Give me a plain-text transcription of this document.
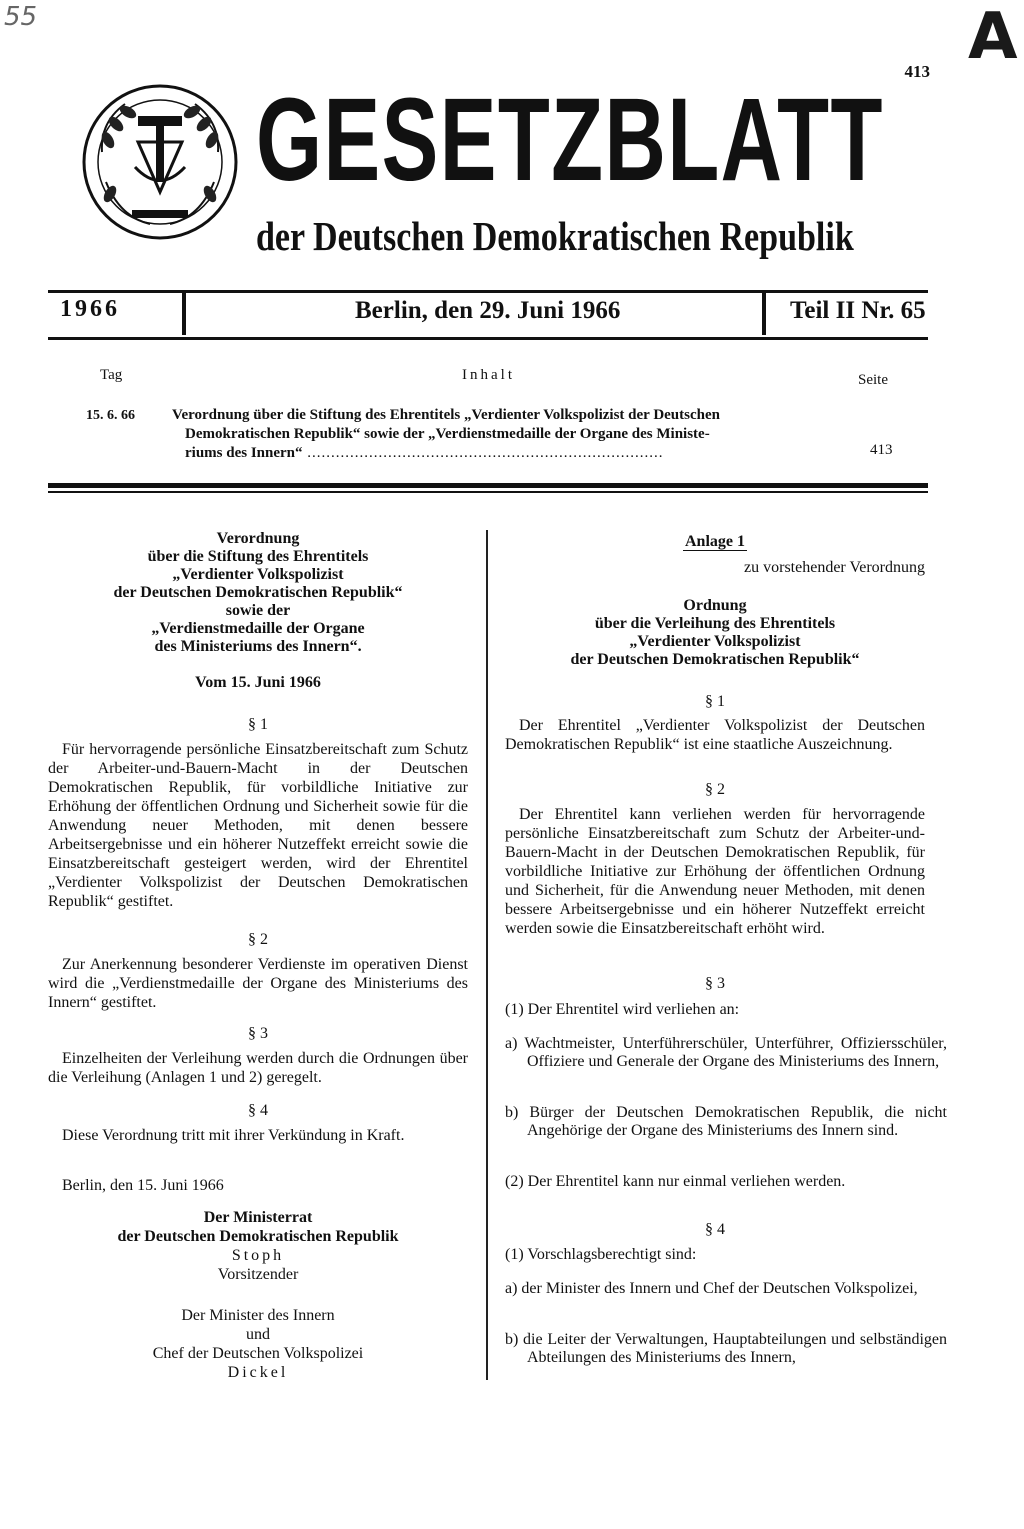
55	A
413
GESETZBLATT
der Deutschen Demokratischen Republik
1966	Berlin, den 29. Juni 1966	Teil II Nr. 65
Tag	Inhalt	Seite
15. 6. 66 Verordnung über die Stiftung des Ehrentitels „Verdienter Volkspolizist der Deutschen
Demokratischen Republik“ sowie der „Verdienstmedaille der Organe des Ministe-
riums des Innern“ ...........................................................................	413
Verordnung
über die Stiftung des Ehrentitels
„Verdienter Volkspolizist
der Deutschen Demokratischen Republik“
sowie der
„Verdienstmedaille der Organe
des Ministeriums des Innern“.
Vom 15. Juni 1966
§ 1

Für hervorragende persönliche Einsatzbereitschaft zum Schutz der Arbeiter-und-Bauern-Macht in der Deutschen Demokratischen Republik, für vorbildliche Initiative zur Erhöhung der öffentlichen Ordnung und Sicherheit sowie für die Anwendung neuer Methoden, mit denen bessere Arbeitsergebnisse und ein höherer Nutzeffekt erreicht sowie die Einsatzbereitschaft gesteigert werden, wird der Ehrentitel „Verdienter Volkspolizist der Deutschen Demokratischen Republik“ gestiftet.

§ 2

Zur Anerkennung besonderer Verdienste im operativen Dienst wird die „Verdienstmedaille der Organe des Ministeriums des Innern“ gestiftet.

§ 3

Einzelheiten der Verleihung werden durch die Ordnungen über die Verleihung (Anlagen 1 und 2) geregelt.

§ 4

Diese Verordnung tritt mit ihrer Verkündung in Kraft.

Berlin, den 15. Juni 1966
Der Ministerrat
der Deutschen Demokratischen Republik
Stoph
Vorsitzender
Der Minister des Innern
und
Chef der Deutschen Volkspolizei
Dickel
Anlage 1
zu vorstehender Verordnung
Ordnung
über die Verleihung des Ehrentitels
„Verdienter Volkspolizist
der Deutschen Demokratischen Republik“
§ 1

Der Ehrentitel „Verdienter Volkspolizist der Deutschen Demokratischen Republik“ ist eine staatliche Auszeichnung.

§ 2

Der Ehrentitel kann verliehen werden für hervorragende persönliche Einsatzbereitschaft zum Schutz der Arbeiter-und-Bauern-Macht in der Deutschen Demokratischen Republik, für vorbildliche Initiative zur Erhöhung der öffentlichen Ordnung und Sicherheit, für die Anwendung neuer Methoden, mit denen bessere Arbeitsergebnisse und ein höherer Nutzeffekt erreicht werden sowie die Einsatzbereitschaft erhöht wird.

§ 3
(1) Der Ehrentitel wird verliehen an:
a) Wachtmeister, Unterführerschüler, Unterführer, Offiziersschüler, Offiziere und Generale der Organe des Ministeriums des Innern,
b) Bürger der Deutschen Demokratischen Republik, die nicht Angehörige der Organe des Ministeriums des Innern sind.
(2) Der Ehrentitel kann nur einmal verliehen werden.
§ 4
(1) Vorschlagsberechtigt sind:
a) der Minister des Innern und Chef der Deutschen Volkspolizei,
b) die Leiter der Verwaltungen, Hauptabteilungen und selbständigen Abteilungen des Ministeriums des Innern,
